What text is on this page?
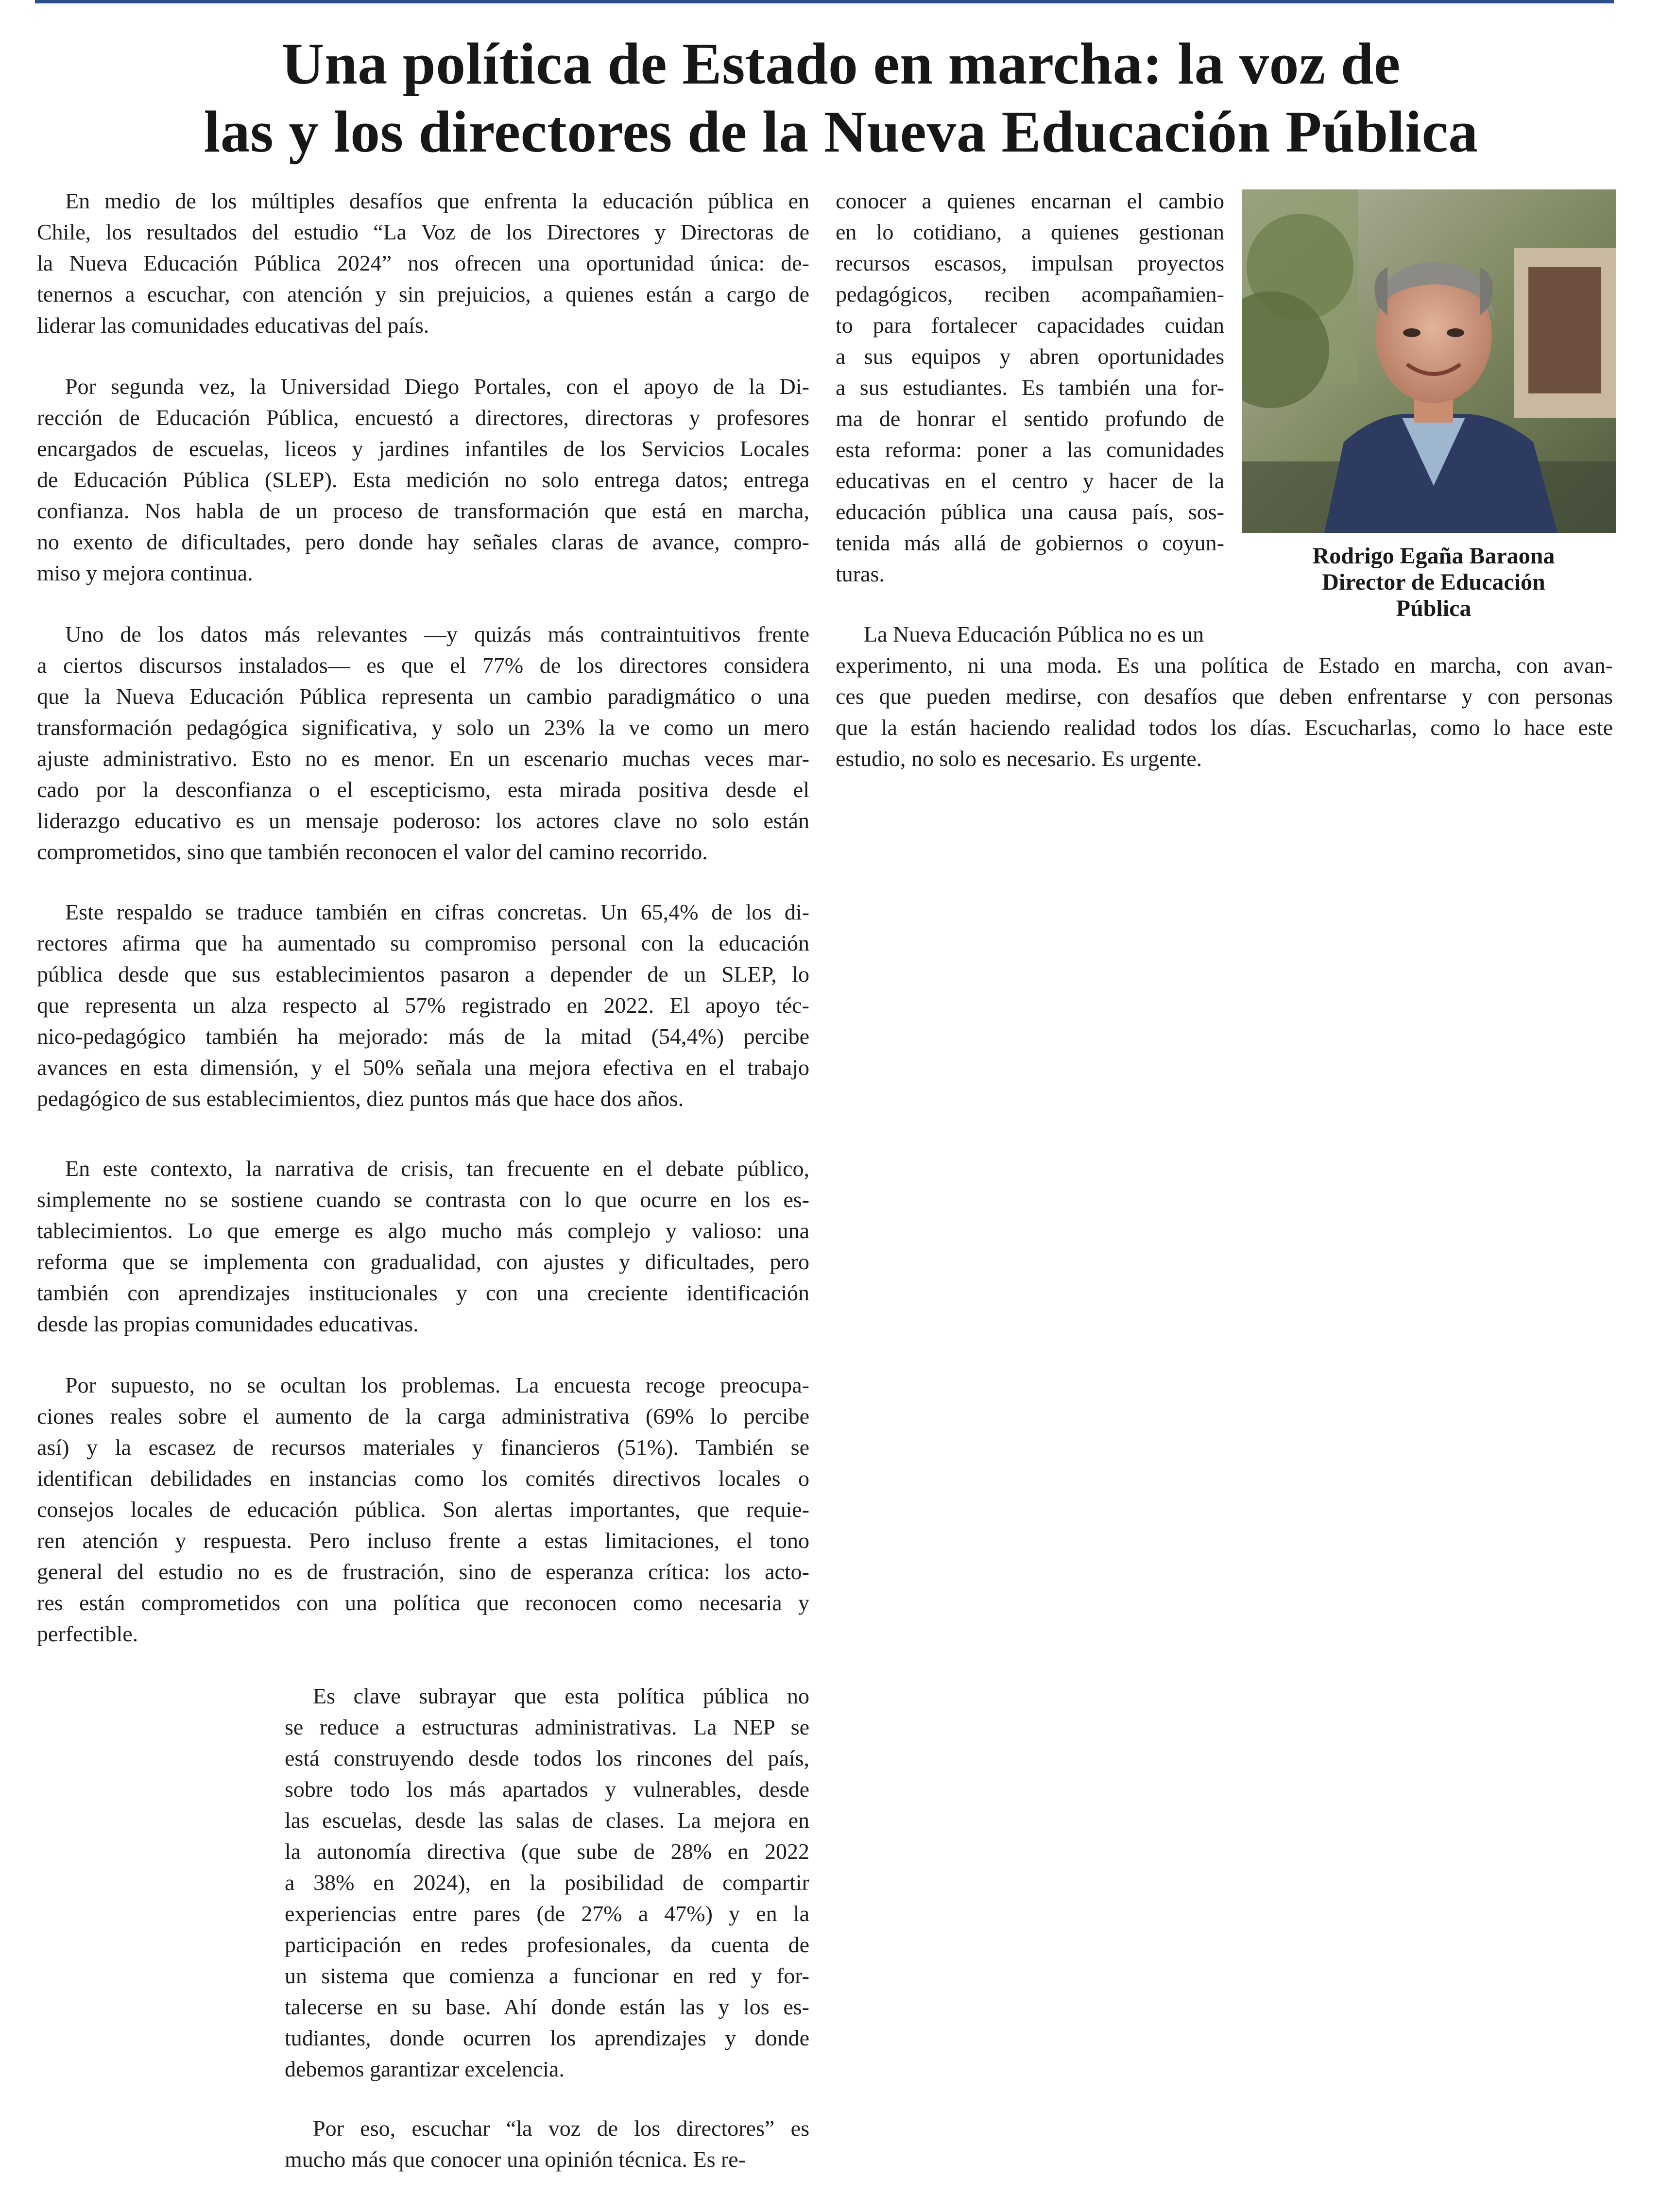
Una política de Estado en marcha: la voz de
las y los directores de la Nueva Educación Pública

En medio de los múltiples desafíos que enfrenta la educación pública en
Chile, los resultados del estudio “La Voz de los Directores y Directoras de
la Nueva Educación Pública 2024” nos ofrecen una oportunidad única: de-
tenernos a escuchar, con atención y sin prejuicios, a quienes están a cargo de
liderar las comunidades educativas del país.

Por segunda vez, la Universidad Diego Portales, con el apoyo de la Di-
rección de Educación Pública, encuestó a directores, directoras y profesores
encargados de escuelas, liceos y jardines infantiles de los Servicios Locales
de Educación Pública (SLEP). Esta medición no solo entrega datos; entrega
confianza. Nos habla de un proceso de transformación que está en marcha,
no exento de dificultades, pero donde hay señales claras de avance, compro-
miso y mejora continua.

Uno de los datos más relevantes —y quizás más contraintuitivos frente
a ciertos discursos instalados— es que el 77% de los directores considera
que la Nueva Educación Pública representa un cambio paradigmático o una
transformación pedagógica significativa, y solo un 23% la ve como un mero
ajuste administrativo. Esto no es menor. En un escenario muchas veces mar-
cado por la desconfianza o el escepticismo, esta mirada positiva desde el
liderazgo educativo es un mensaje poderoso: los actores clave no solo están
comprometidos, sino que también reconocen el valor del camino recorrido.

Este respaldo se traduce también en cifras concretas. Un 65,4% de los di-
rectores afirma que ha aumentado su compromiso personal con la educación
pública desde que sus establecimientos pasaron a depender de un SLEP, lo
que representa un alza respecto al 57% registrado en 2022. El apoyo téc-
nico-pedagógico también ha mejorado: más de la mitad (54,4%) percibe
avances en esta dimensión, y el 50% señala una mejora efectiva en el trabajo
pedagógico de sus establecimientos, diez puntos más que hace dos años.

En este contexto, la narrativa de crisis, tan frecuente en el debate público,
simplemente no se sostiene cuando se contrasta con lo que ocurre en los es-
tablecimientos. Lo que emerge es algo mucho más complejo y valioso: una
reforma que se implementa con gradualidad, con ajustes y dificultades, pero
también con aprendizajes institucionales y con una creciente identificación
desde las propias comunidades educativas.

Por supuesto, no se ocultan los problemas. La encuesta recoge preocupa-
ciones reales sobre el aumento de la carga administrativa (69% lo percibe
así) y la escasez de recursos materiales y financieros (51%). También se
identifican debilidades en instancias como los comités directivos locales o
consejos locales de educación pública. Son alertas importantes, que requie-
ren atención y respuesta. Pero incluso frente a estas limitaciones, el tono
general del estudio no es de frustración, sino de esperanza crítica: los acto-
res están comprometidos con una política que reconocen como necesaria y
perfectible.

Es clave subrayar que esta política pública no
se reduce a estructuras administrativas. La NEP se
está construyendo desde todos los rincones del país,
sobre todo los más apartados y vulnerables, desde
las escuelas, desde las salas de clases. La mejora en
la autonomía directiva (que sube de 28% en 2022
a 38% en 2024), en la posibilidad de compartir
experiencias entre pares (de 27% a 47%) y en la
participación en redes profesionales, da cuenta de
un sistema que comienza a funcionar en red y for-
talecerse en su base. Ahí donde están las y los es-
tudiantes, donde ocurren los aprendizajes y donde
debemos garantizar excelencia.

Por eso, escuchar “la voz de los directores” es
mucho más que conocer una opinión técnica. Es re-

conocer a quienes encarnan el cambio
en lo cotidiano, a quienes gestionan
recursos escasos, impulsan proyectos
pedagógicos, reciben acompañamien-
to para fortalecer capacidades cuidan
a sus equipos y abren oportunidades
a sus estudiantes. Es también una for-
ma de honrar el sentido profundo de
esta reforma: poner a las comunidades
educativas en el centro y hacer de la
educación pública una causa país, sos-
tenida más allá de gobiernos o coyun-
turas.

La Nueva Educación Pública no es un
experimento, ni una moda. Es una política de Estado en marcha, con avan-
ces que pueden medirse, con desafíos que deben enfrentarse y con personas
que la están haciendo realidad todos los días. Escucharlas, como lo hace este
estudio, no solo es necesario. Es urgente.

Rodrigo Egaña Baraona
Director de Educación
Pública
